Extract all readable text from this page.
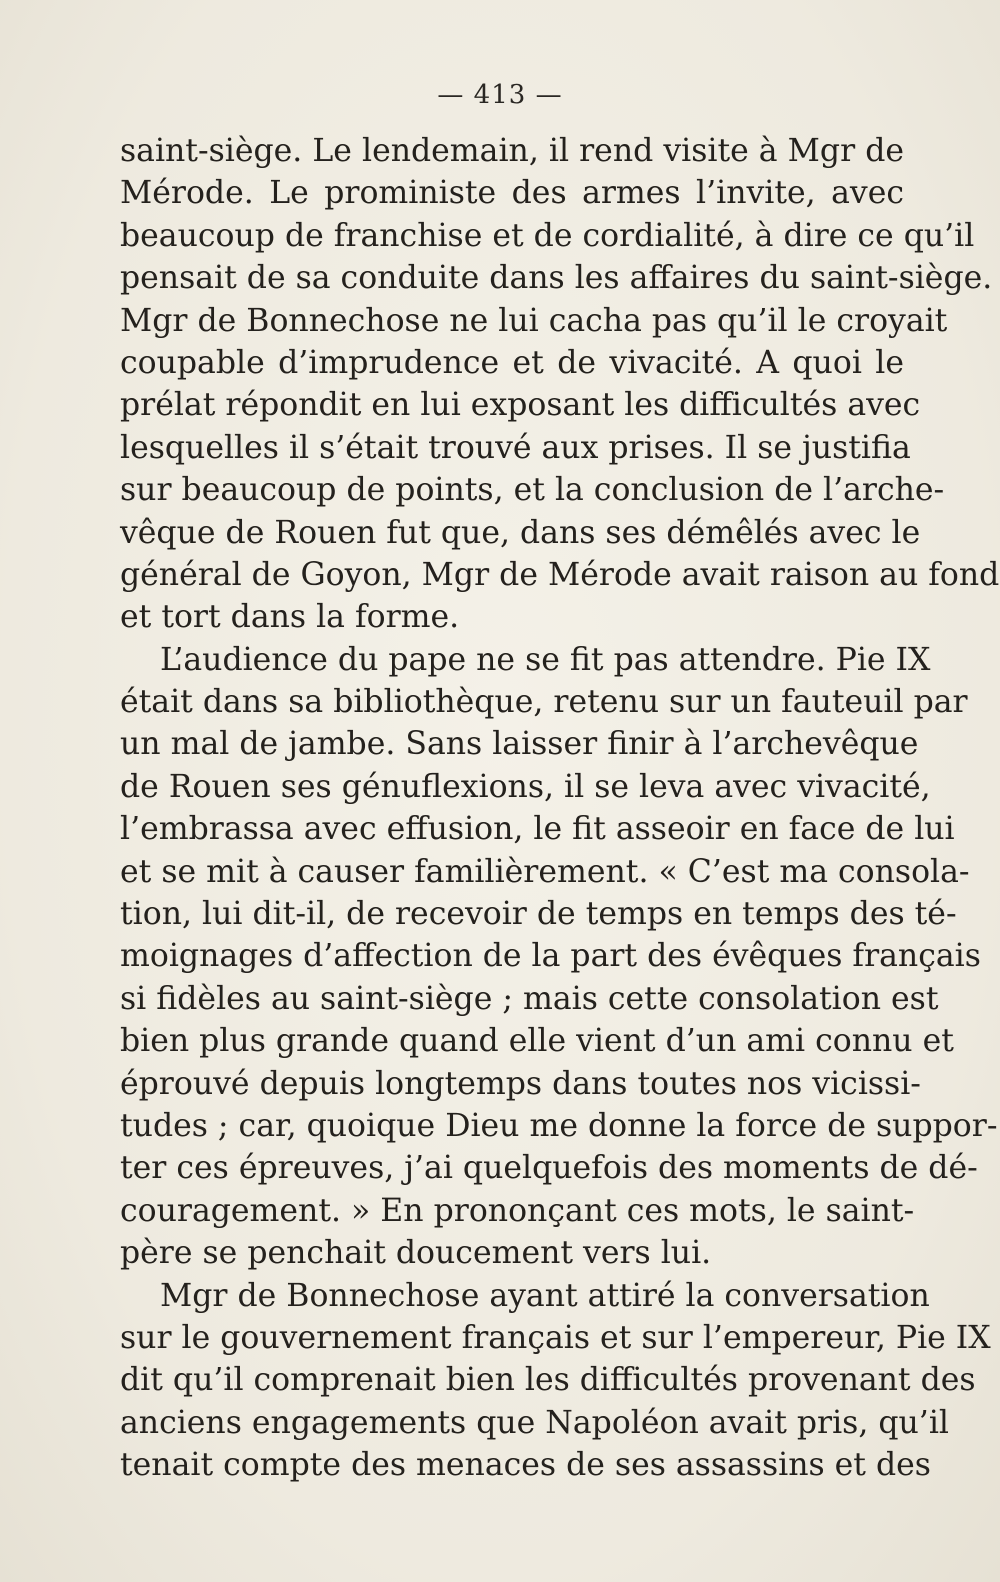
— 413 —
saint-siège. Le lendemain, il rend visite à Mgr de
Mérode. Le proministe des armes l’invite, avec
beaucoup de franchise et de cordialité, à dire ce qu’il
pensait de sa conduite dans les affaires du saint-siège.
Mgr de Bonnechose ne lui cacha pas qu’il le croyait
coupable d’imprudence et de vivacité. A quoi le
prélat répondit en lui exposant les difficultés avec
lesquelles il s’était trouvé aux prises. Il se justifia
sur beaucoup de points, et la conclusion de l’arche-
vêque de Rouen fut que, dans ses démêlés avec le
général de Goyon, Mgr de Mérode avait raison au fond
et tort dans la forme.
L’audience du pape ne se fit pas attendre. Pie IX
était dans sa bibliothèque, retenu sur un fauteuil par
un mal de jambe. Sans laisser finir à l’archevêque
de Rouen ses génuflexions, il se leva avec vivacité,
l’embrassa avec effusion, le fit asseoir en face de lui
et se mit à causer familièrement. « C’est ma consola-
tion, lui dit-il, de recevoir de temps en temps des té-
moignages d’affection de la part des évêques français
si fidèles au saint-siège ; mais cette consolation est
bien plus grande quand elle vient d’un ami connu et
éprouvé depuis longtemps dans toutes nos vicissi-
tudes ; car, quoique Dieu me donne la force de suppor-
ter ces épreuves, j’ai quelquefois des moments de dé-
couragement. » En prononçant ces mots, le saint-
père se penchait doucement vers lui.
Mgr de Bonnechose ayant attiré la conversation
sur le gouvernement français et sur l’empereur, Pie IX
dit qu’il comprenait bien les difficultés provenant des
anciens engagements que Napoléon avait pris, qu’il
tenait compte des menaces de ses assassins et des
